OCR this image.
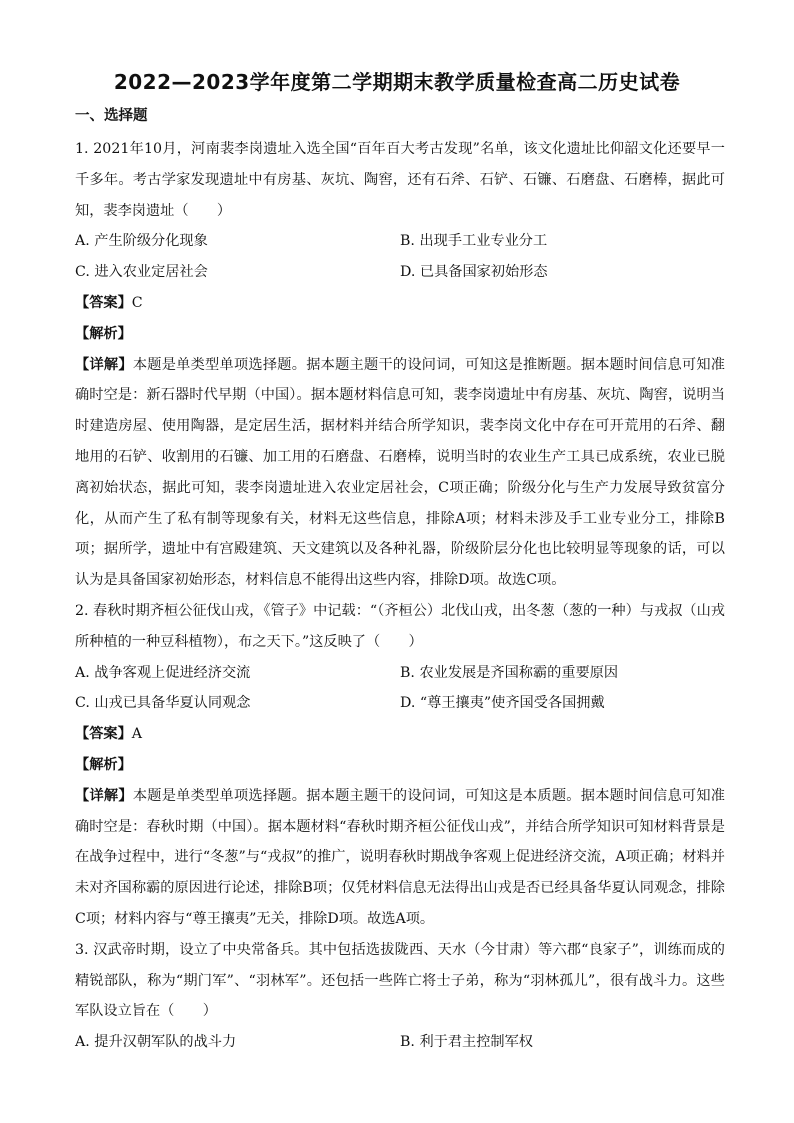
2022—2023学年度第二学期期末教学质量检查高二历史试卷
一、选择题

1. 2021年10月，河南裴李岗遗址入选全国“百年百大考古发现”名单，该文化遗址比仰韶文化还要早一千多年。考古学家发现遗址中有房基、灰坑、陶窖，还有石斧、石铲、石镰、石磨盘、石磨棒，据此可知，裴李岗遗址（　　）

A. 产生阶级分化现象	B. 出现手工业专业分工
C. 进入农业定居社会	D. 已具备国家初始形态

【答案】C

【解析】

【详解】本题是单类型单项选择题。据本题主题干的设问词，可知这是推断题。据本题时间信息可知准确时空是：新石器时代早期（中国）。据本题材料信息可知，裴李岗遗址中有房基、灰坑、陶窖，说明当时建造房屋、使用陶器，是定居生活，据材料并结合所学知识，裴李岗文化中存在可开荒用的石斧、翻地用的石铲、收割用的石镰、加工用的石磨盘、石磨棒，说明当时的农业生产工具已成系统，农业已脱离初始状态，据此可知，裴李岗遗址进入农业定居社会，C项正确；阶级分化与生产力发展导致贫富分化，从而产生了私有制等现象有关，材料无这些信息，排除A项；材料未涉及手工业专业分工，排除B项；据所学，遗址中有宫殿建筑、天文建筑以及各种礼器，阶级阶层分化也比较明显等现象的话，可以认为是具备国家初始形态，材料信息不能得出这些内容，排除D项。故选C项。

2. 春秋时期齐桓公征伐山戎，《管子》中记载：“（齐桓公）北伐山戎，出冬葱（葱的一种）与戎叔（山戎所种植的一种豆科植物），布之天下。”这反映了（　　）

A. 战争客观上促进经济交流	B. 农业发展是齐国称霸的重要原因
C. 山戎已具备华夏认同观念	D. “尊王攘夷”使齐国受各国拥戴

【答案】A

【解析】

【详解】本题是单类型单项选择题。据本题主题干的设问词，可知这是本质题。据本题时间信息可知准确时空是：春秋时期（中国）。据本题材料“春秋时期齐桓公征伐山戎”，并结合所学知识可知材料背景是在战争过程中，进行“冬葱”与“戎叔”的推广，说明春秋时期战争客观上促进经济交流，A项正确；材料并未对齐国称霸的原因进行论述，排除B项；仅凭材料信息无法得出山戎是否已经具备华夏认同观念，排除C项；材料内容与“尊王攘夷”无关，排除D项。故选A项。

3. 汉武帝时期，设立了中央常备兵。其中包括选拔陇西、天水（今甘肃）等六郡“良家子”，训练而成的精锐部队，称为“期门军”、“羽林军”。还包括一些阵亡将士子弟，称为“羽林孤儿”，很有战斗力。这些军队设立旨在（　　）

A. 提升汉朝军队的战斗力	B. 利于君主控制军权
